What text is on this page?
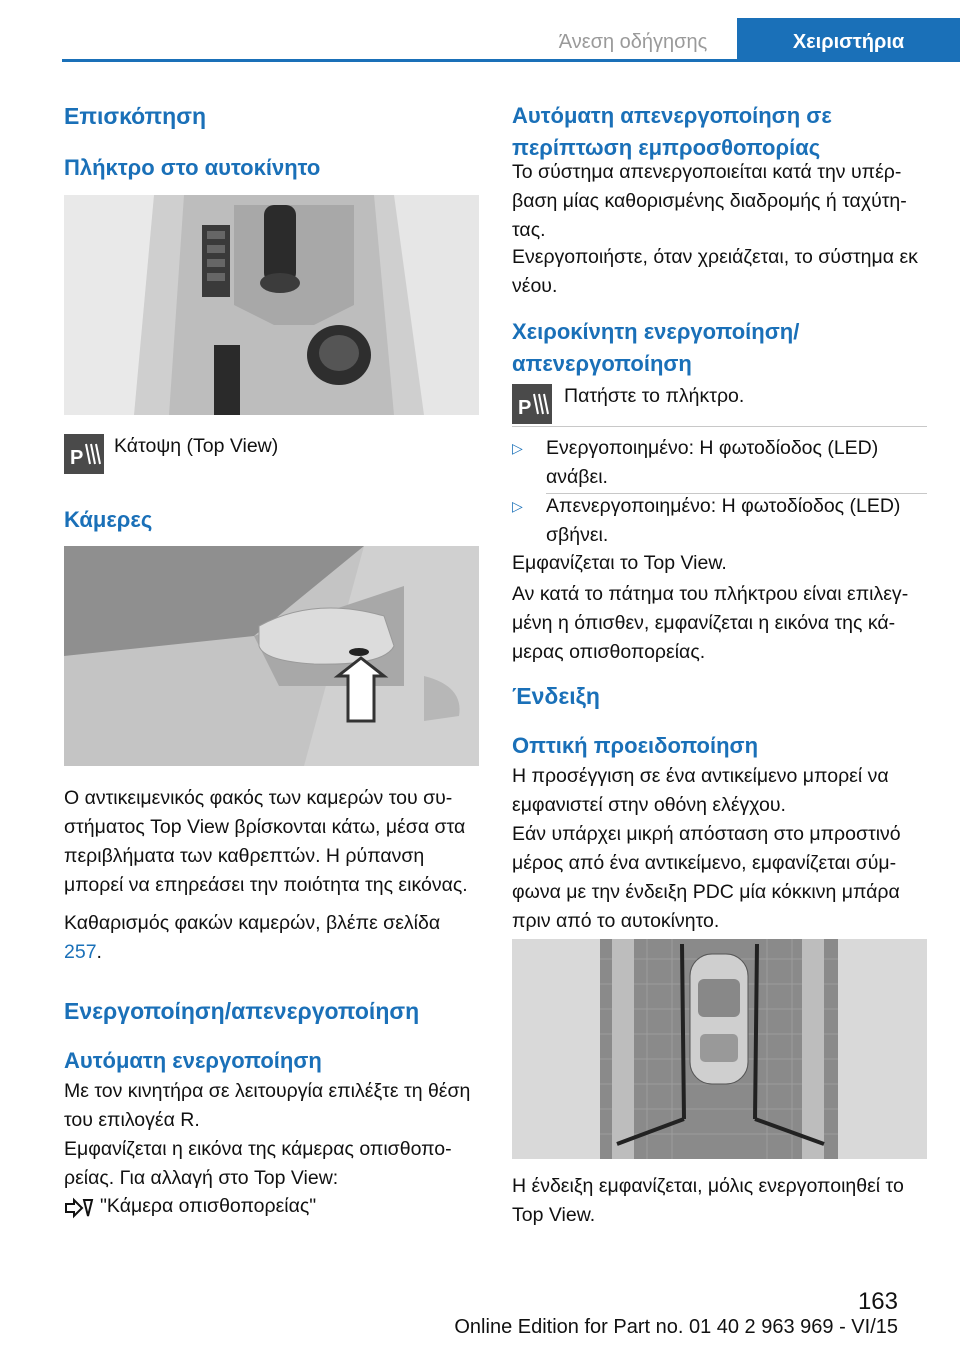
Άνεση οδήγησης	Χειριστήρια
Επισκόπηση
Πλήκτρο στο αυτοκίνητο
P

Κάτοψη (Top View)

Κάμερες

Ο αντικειμενικός φακός των καμερών του συστήματος Top View βρίσκονται κάτω, μέσα στα περιβλήματα των καθρεπτών. Η ρύπανση μπορεί να επηρεάσει την ποιότητα της εικόνας.

Καθαρισμός φακών καμερών, βλέπε σελίδα 257.

Ενεργοποίηση/απενεργοποίηση
Αυτόματη ενεργοποίηση

Με τον κινητήρα σε λειτουργία επιλέξτε τη θέση του επιλογέα R.

Εμφανίζεται η εικόνα της κάμερας οπισθοπορείας. Για αλλαγή στο Top View:

"Κάμερα οπισθοπορείας"

Αυτόματη απενεργοποίηση σε περίπτωση εμπροσθοπορίας

Το σύστημα απενεργοποιείται κατά την υπέρβαση μίας καθορισμένης διαδρομής ή ταχύτητας.

Ενεργοποιήστε, όταν χρειάζεται, το σύστημα εκ νέου.

Χειροκίνητη ενεργοποίηση/ απενεργοποίηση
P

Πατήστε το πλήκτρο.

▷	Ενεργοποιημένο: Η φωτοδίοδος (LED) ανάβει.

▷	Απενεργοποιημένο: Η φωτοδίοδος (LED) σβήνει.

Εμφανίζεται το Top View.

Αν κατά το πάτημα του πλήκτρου είναι επιλεγμένη η όπισθεν, εμφανίζεται η εικόνα της κάμερας οπισθοπορείας.

Ένδειξη
Οπτική προειδοποίηση

Η προσέγγιση σε ένα αντικείμενο μπορεί να εμφανιστεί στην οθόνη ελέγχου.

Εάν υπάρχει μικρή απόσταση στο μπροστινό μέρος από ένα αντικείμενο, εμφανίζεται σύμφωνα με την ένδειξη PDC μία κόκκινη μπάρα πριν από το αυτοκίνητο.

Η ένδειξη εμφανίζεται, μόλις ενεργοποιηθεί το Top View.

163
Online Edition for Part no. 01 40 2 963 969 - VI/15
